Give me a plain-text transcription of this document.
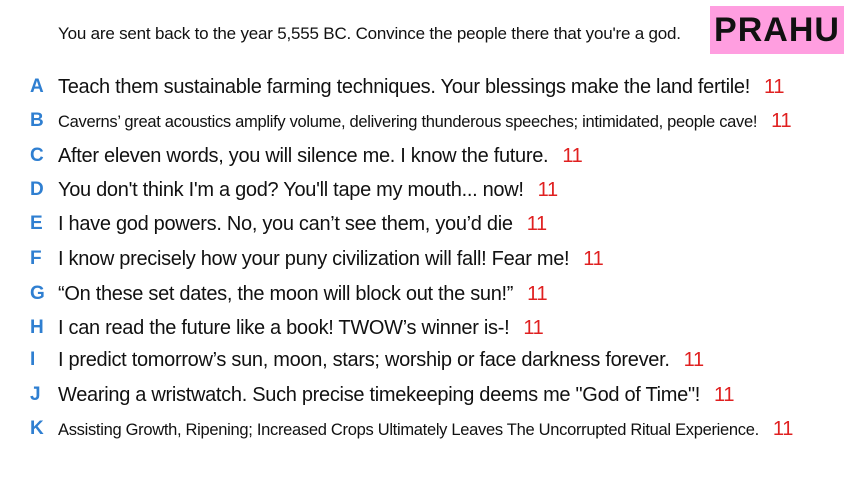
You are sent back to the year 5,555 BC. Convince the people there that you're a god. PRAHU
A Teach them sustainable farming techniques. Your blessings make the land fertile! 11
B Caverns’ great acoustics amplify volume, delivering thunderous speeches; intimidated, people cave! 11
C After eleven words, you will silence me. I know the future. 11
D You don't think I'm a god? You'll tape my mouth... now! 11
E I have god powers. No, you can’t see them, you’d die 11
F I know precisely how your puny civilization will fall! Fear me! 11
G “On these set dates, the moon will block out the sun!” 11
H I can read the future like a book! TWOW’s winner is-! 11
I	I predict tomorrow’s sun, moon, stars; worship or face darkness forever. 11
J Wearing a wristwatch. Such precise timekeeping deems me "God of Time"! 11
K Assisting Growth, Ripening; Increased Crops Ultimately Leaves The Uncorrupted Ritual Experience. 11
